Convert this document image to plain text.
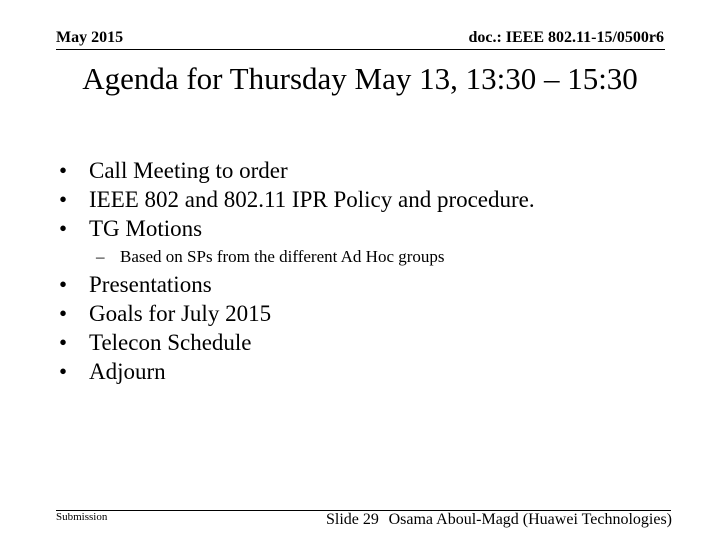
May 2015	doc.: IEEE 802.11-15/0500r6
Agenda for Thursday May 13, 13:30 – 15:30
• Call Meeting to order
• IEEE 802 and 802.11 IPR Policy and procedure.
• TG Motions
– Based on SPs from the different Ad Hoc groups
• Presentations
• Goals for July 2015
• Telecon Schedule
• Adjourn
Submission	Slide 29 Osama Aboul-Magd (Huawei Technologies)
